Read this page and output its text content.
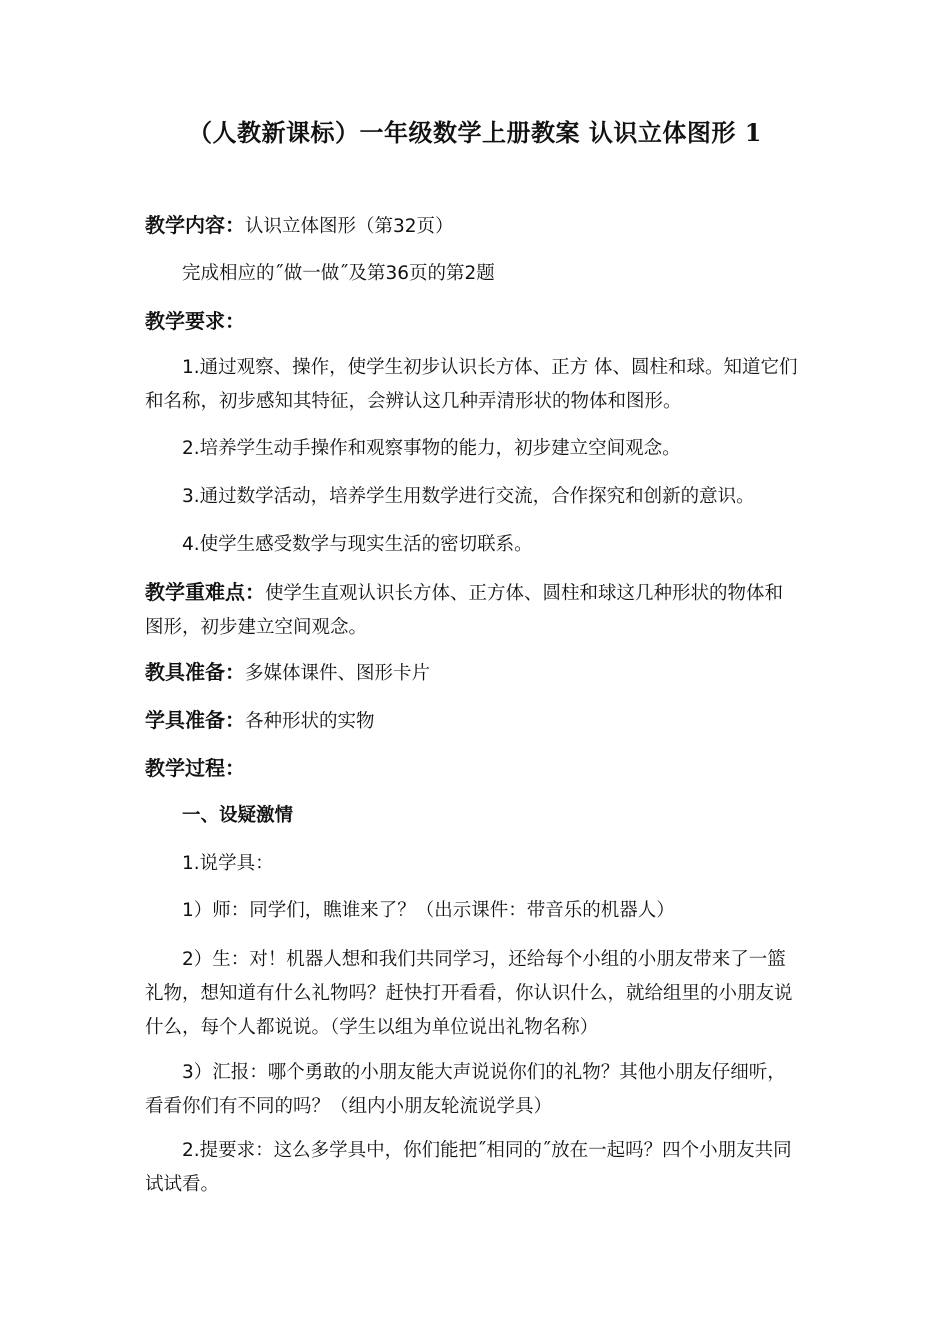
（人教新课标）一年级数学上册教案 认识立体图形 1
教学内容：认识立体图形（第32页）
完成相应的˝做一做˝及第36页的第2题
教学要求：
1.通过观察、操作，使学生初步认识长方体、正方 体、圆柱和球。知道它们和名称，初步感知其特征，会辨认这几种弄清形状的物体和图形。
2.培养学生动手操作和观察事物的能力，初步建立空间观念。
3.通过数学活动，培养学生用数学进行交流，合作探究和创新的意识。
4.使学生感受数学与现实生活的密切联系。
教学重难点：使学生直观认识长方体、正方体、圆柱和球这几种形状的物体和图形，初步建立空间观念。
教具准备：多媒体课件、图形卡片
学具准备：各种形状的实物
教学过程：
一、设疑激情
1.说学具：
1）师：同学们，瞧谁来了？（出示课件：带音乐的机器人）
2）生：对！机器人想和我们共同学习，还给每个小组的小朋友带来了一篮礼物，想知道有什么礼物吗？赶快打开看看，你认识什么，就给组里的小朋友说什么，每个人都说说。（学生以组为单位说出礼物名称）
3）汇报：哪个勇敢的小朋友能大声说说你们的礼物？其他小朋友仔细听，看看你们有不同的吗？（组内小朋友轮流说学具）
2.提要求：这么多学具中，你们能把˝相同的˝放在一起吗？四个小朋友共同试试看。
